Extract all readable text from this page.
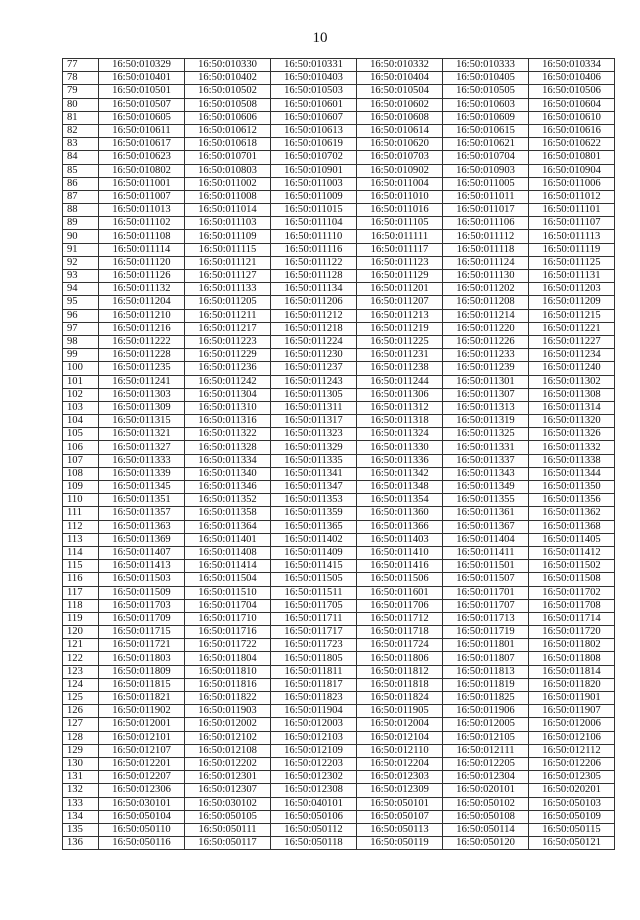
10
77	16:50:010329	16:50:010330	16:50:010331	16:50:010332	16:50:010333	16:50:010334
78	16:50:010401	16:50:010402	16:50:010403	16:50:010404	16:50:010405	16:50:010406
79	16:50:010501	16:50:010502	16:50:010503	16:50:010504	16:50:010505	16:50:010506
80	16:50:010507	16:50:010508	16:50:010601	16:50:010602	16:50:010603	16:50:010604
81	16:50:010605	16:50:010606	16:50:010607	16:50:010608	16:50:010609	16:50:010610
82	16:50:010611	16:50:010612	16:50:010613	16:50:010614	16:50:010615	16:50:010616
83	16:50:010617	16:50:010618	16:50:010619	16:50:010620	16:50:010621	16:50:010622
84	16:50:010623	16:50:010701	16:50:010702	16:50:010703	16:50:010704	16:50:010801
85	16:50:010802	16:50:010803	16:50:010901	16:50:010902	16:50:010903	16:50:010904
86	16:50:011001	16:50:011002	16:50:011003	16:50:011004	16:50:011005	16:50:011006
87	16:50:011007	16:50:011008	16:50:011009	16:50:011010	16:50:011011	16:50:011012
88	16:50:011013	16:50:011014	16:50:011015	16:50:011016	16:50:011017	16:50:011101
89	16:50:011102	16:50:011103	16:50:011104	16:50:011105	16:50:011106	16:50:011107
90	16:50:011108	16:50:011109	16:50:011110	16:50:011111	16:50:011112	16:50:011113
91	16:50:011114	16:50:011115	16:50:011116	16:50:011117	16:50:011118	16:50:011119
92	16:50:011120	16:50:011121	16:50:011122	16:50:011123	16:50:011124	16:50:011125
93	16:50:011126	16:50:011127	16:50:011128	16:50:011129	16:50:011130	16:50:011131
94	16:50:011132	16:50:011133	16:50:011134	16:50:011201	16:50:011202	16:50:011203
95	16:50:011204	16:50:011205	16:50:011206	16:50:011207	16:50:011208	16:50:011209
96	16:50:011210	16:50:011211	16:50:011212	16:50:011213	16:50:011214	16:50:011215
97	16:50:011216	16:50:011217	16:50:011218	16:50:011219	16:50:011220	16:50:011221
98	16:50:011222	16:50:011223	16:50:011224	16:50:011225	16:50:011226	16:50:011227
99	16:50:011228	16:50:011229	16:50:011230	16:50:011231	16:50:011233	16:50:011234
100	16:50:011235	16:50:011236	16:50:011237	16:50:011238	16:50:011239	16:50:011240
101	16:50:011241	16:50:011242	16:50:011243	16:50:011244	16:50:011301	16:50:011302
102	16:50:011303	16:50:011304	16:50:011305	16:50:011306	16:50:011307	16:50:011308
103	16:50:011309	16:50:011310	16:50:011311	16:50:011312	16:50:011313	16:50:011314
104	16:50:011315	16:50:011316	16:50:011317	16:50:011318	16:50:011319	16:50:011320
105	16:50:011321	16:50:011322	16:50:011323	16:50:011324	16:50:011325	16:50:011326
106	16:50:011327	16:50:011328	16:50:011329	16:50:011330	16:50:011331	16:50:011332
107	16:50:011333	16:50:011334	16:50:011335	16:50:011336	16:50:011337	16:50:011338
108	16:50:011339	16:50:011340	16:50:011341	16:50:011342	16:50:011343	16:50:011344
109	16:50:011345	16:50:011346	16:50:011347	16:50:011348	16:50:011349	16:50:011350
110	16:50:011351	16:50:011352	16:50:011353	16:50:011354	16:50:011355	16:50:011356
111	16:50:011357	16:50:011358	16:50:011359	16:50:011360	16:50:011361	16:50:011362
112	16:50:011363	16:50:011364	16:50:011365	16:50:011366	16:50:011367	16:50:011368
113	16:50:011369	16:50:011401	16:50:011402	16:50:011403	16:50:011404	16:50:011405
114	16:50:011407	16:50:011408	16:50:011409	16:50:011410	16:50:011411	16:50:011412
115	16:50:011413	16:50:011414	16:50:011415	16:50:011416	16:50:011501	16:50:011502
116	16:50:011503	16:50:011504	16:50:011505	16:50:011506	16:50:011507	16:50:011508
117	16:50:011509	16:50:011510	16:50:011511	16:50:011601	16:50:011701	16:50:011702
118	16:50:011703	16:50:011704	16:50:011705	16:50:011706	16:50:011707	16:50:011708
119	16:50:011709	16:50:011710	16:50:011711	16:50:011712	16:50:011713	16:50:011714
120	16:50:011715	16:50:011716	16:50:011717	16:50:011718	16:50:011719	16:50:011720
121	16:50:011721	16:50:011722	16:50:011723	16:50:011724	16:50:011801	16:50:011802
122	16:50:011803	16:50:011804	16:50:011805	16:50:011806	16:50:011807	16:50:011808
123	16:50:011809	16:50:011810	16:50:011811	16:50:011812	16:50:011813	16:50:011814
124	16:50:011815	16:50:011816	16:50:011817	16:50:011818	16:50:011819	16:50:011820
125	16:50:011821	16:50:011822	16:50:011823	16:50:011824	16:50:011825	16:50:011901
126	16:50:011902	16:50:011903	16:50:011904	16:50:011905	16:50:011906	16:50:011907
127	16:50:012001	16:50:012002	16:50:012003	16:50:012004	16:50:012005	16:50:012006
128	16:50:012101	16:50:012102	16:50:012103	16:50:012104	16:50:012105	16:50:012106
129	16:50:012107	16:50:012108	16:50:012109	16:50:012110	16:50:012111	16:50:012112
130	16:50:012201	16:50:012202	16:50:012203	16:50:012204	16:50:012205	16:50:012206
131	16:50:012207	16:50:012301	16:50:012302	16:50:012303	16:50:012304	16:50:012305
132	16:50:012306	16:50:012307	16:50:012308	16:50:012309	16:50:020101	16:50:020201
133	16:50:030101	16:50:030102	16:50:040101	16:50:050101	16:50:050102	16:50:050103
134	16:50:050104	16:50:050105	16:50:050106	16:50:050107	16:50:050108	16:50:050109
135	16:50:050110	16:50:050111	16:50:050112	16:50:050113	16:50:050114	16:50:050115
136	16:50:050116	16:50:050117	16:50:050118	16:50:050119	16:50:050120	16:50:050121
